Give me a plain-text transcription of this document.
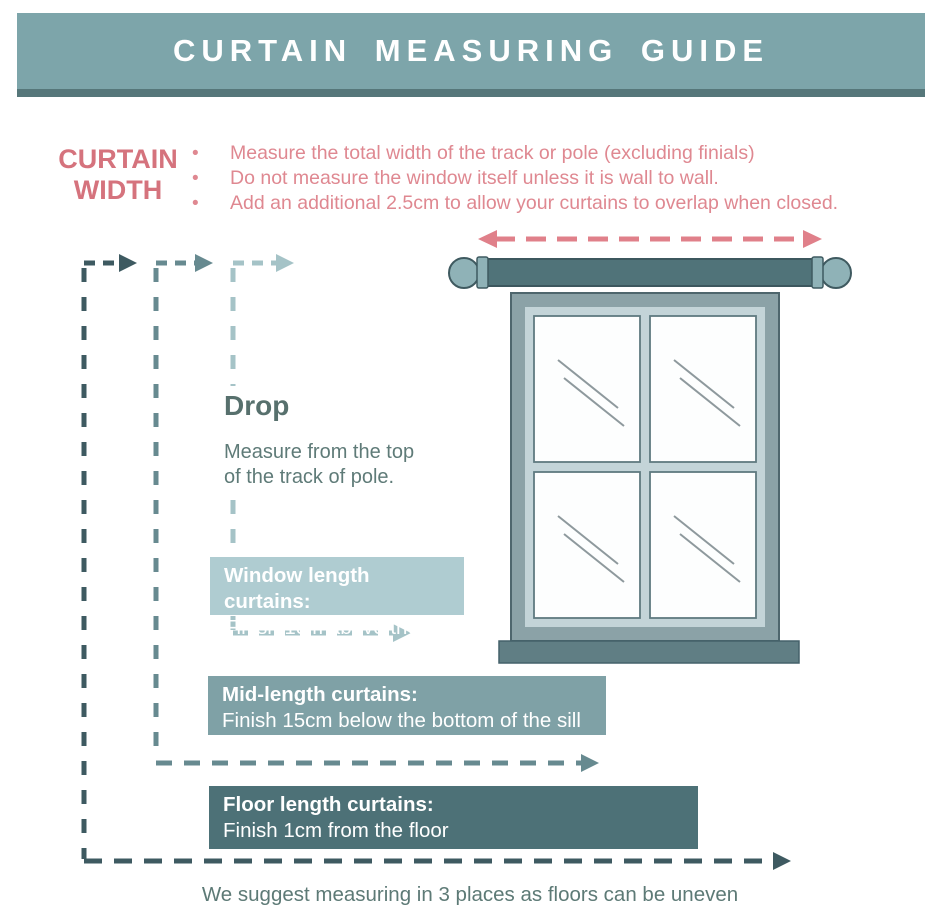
CURTAIN MEASURING GUIDE
CURTAIN WIDTH
•	Measure the total width of the track or pole (excluding finials)
•	Do not measure the window itself unless it is wall to wall.
•	Add an additional 2.5cm to allow your curtains to overlap when closed.
Drop
Measure from the top of the track of pole.
Window length curtains:
Finish 1cm above the sill
Mid-length curtains:
Finish 15cm below the bottom of the sill
Floor length curtains:
Finish 1cm from the floor
We suggest measuring in 3 places as floors can be uneven
